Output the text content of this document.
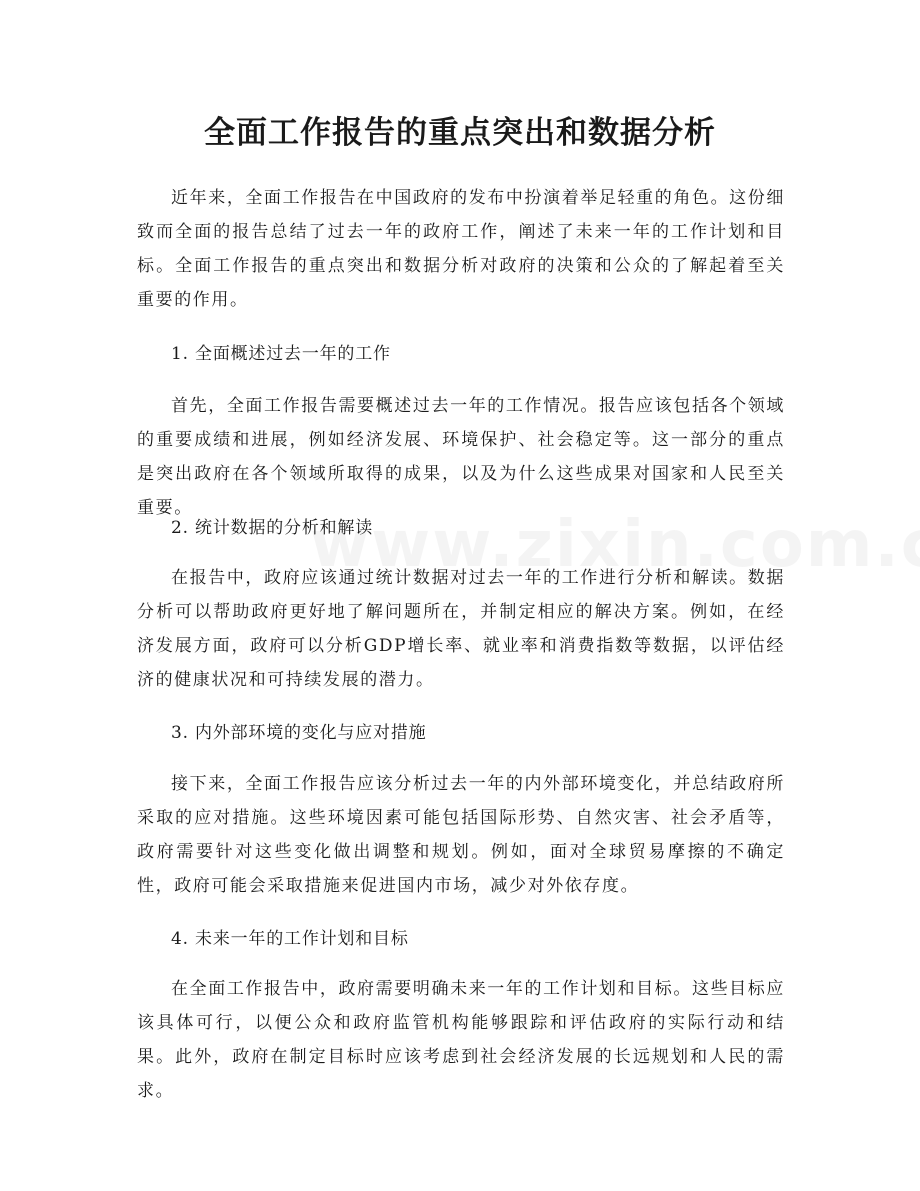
全面工作报告的重点突出和数据分析

近年来，全面工作报告在中国政府的发布中扮演着举足轻重的角色。这份细致而全面的报告总结了过去一年的政府工作，阐述了未来一年的工作计划和目标。全面工作报告的重点突出和数据分析对政府的决策和公众的了解起着至关重要的作用。

1. 全面概述过去一年的工作

首先，全面工作报告需要概述过去一年的工作情况。报告应该包括各个领域的重要成绩和进展，例如经济发展、环境保护、社会稳定等。这一部分的重点是突出政府在各个领域所取得的成果，以及为什么这些成果对国家和人民至关重要。

2. 统计数据的分析和解读

在报告中，政府应该通过统计数据对过去一年的工作进行分析和解读。数据分析可以帮助政府更好地了解问题所在，并制定相应的解决方案。例如，在经济发展方面，政府可以分析GDP增长率、就业率和消费指数等数据，以评估经济的健康状况和可持续发展的潜力。

3. 内外部环境的变化与应对措施

接下来，全面工作报告应该分析过去一年的内外部环境变化，并总结政府所采取的应对措施。这些环境因素可能包括国际形势、自然灾害、社会矛盾等，政府需要针对这些变化做出调整和规划。例如，面对全球贸易摩擦的不确定性，政府可能会采取措施来促进国内市场，减少对外依存度。

4. 未来一年的工作计划和目标

在全面工作报告中，政府需要明确未来一年的工作计划和目标。这些目标应该具体可行，以便公众和政府监管机构能够跟踪和评估政府的实际行动和结果。此外，政府在制定目标时应该考虑到社会经济发展的长远规划和人民的需求。
